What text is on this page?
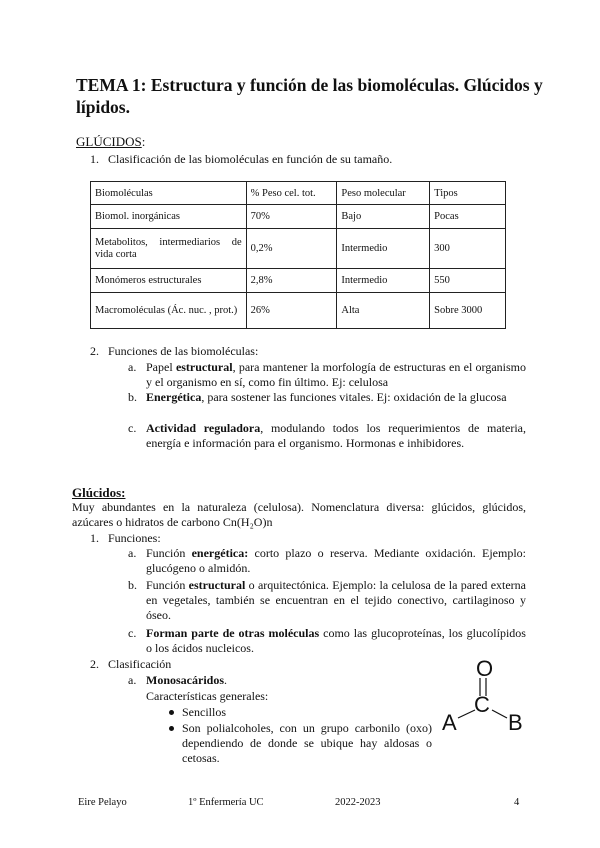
TEMA 1: Estructura y función de las biomoléculas. Glúcidos y lípidos.
GLÚCIDOS:
1. Clasificación de las biomoléculas en función de su tamaño.
Biomoléculas	% Peso cel. tot.	Peso molecular	Tipos
Biomol. inorgánicas	70%	Bajo	Pocas
Metabolitos, intermediarios de vida corta	0,2%	Intermedio	300
Monómeros estructurales	2,8%	Intermedio	550
Macromoléculas (Ác. nuc. , prot.)	26%	Alta	Sobre 3000
2. Funciones de las biomoléculas:
a. Papel estructural, para mantener la morfología de estructuras en el organismo y el organismo en sí, como fin último. Ej: celulosa
b. Energética, para sostener las funciones vitales. Ej: oxidación de la glucosa
c. Actividad reguladora, modulando todos los requerimientos de materia, energía e información para el organismo. Hormonas e inhibidores.
Glúcidos:
Muy abundantes en la naturaleza (celulosa). Nomenclatura diversa: glúcidos, glúcidos, azúcares o hidratos de carbono Cn(H₂O)n
1. Funciones:
a. Función energética: corto plazo o reserva. Mediante oxidación. Ejemplo: glucógeno o almidón.
b. Función estructural o arquitectónica. Ejemplo: la celulosa de la pared externa en vegetales, también se encuentran en el tejido conectivo, cartilaginoso y óseo.
c. Forman parte de otras moléculas como las glucoproteínas, los glucolípidos o los ácidos nucleicos.
2. Clasificación
a. Monosacáridos.
Características generales:
Sencillos
Son polialcoholes, con un grupo carbonilo (oxo) dependiendo de donde se ubique hay aldosas o cetosas.
O
C
A B
Eire Pelayo	1º Enfermería UC	2022-2023	4
